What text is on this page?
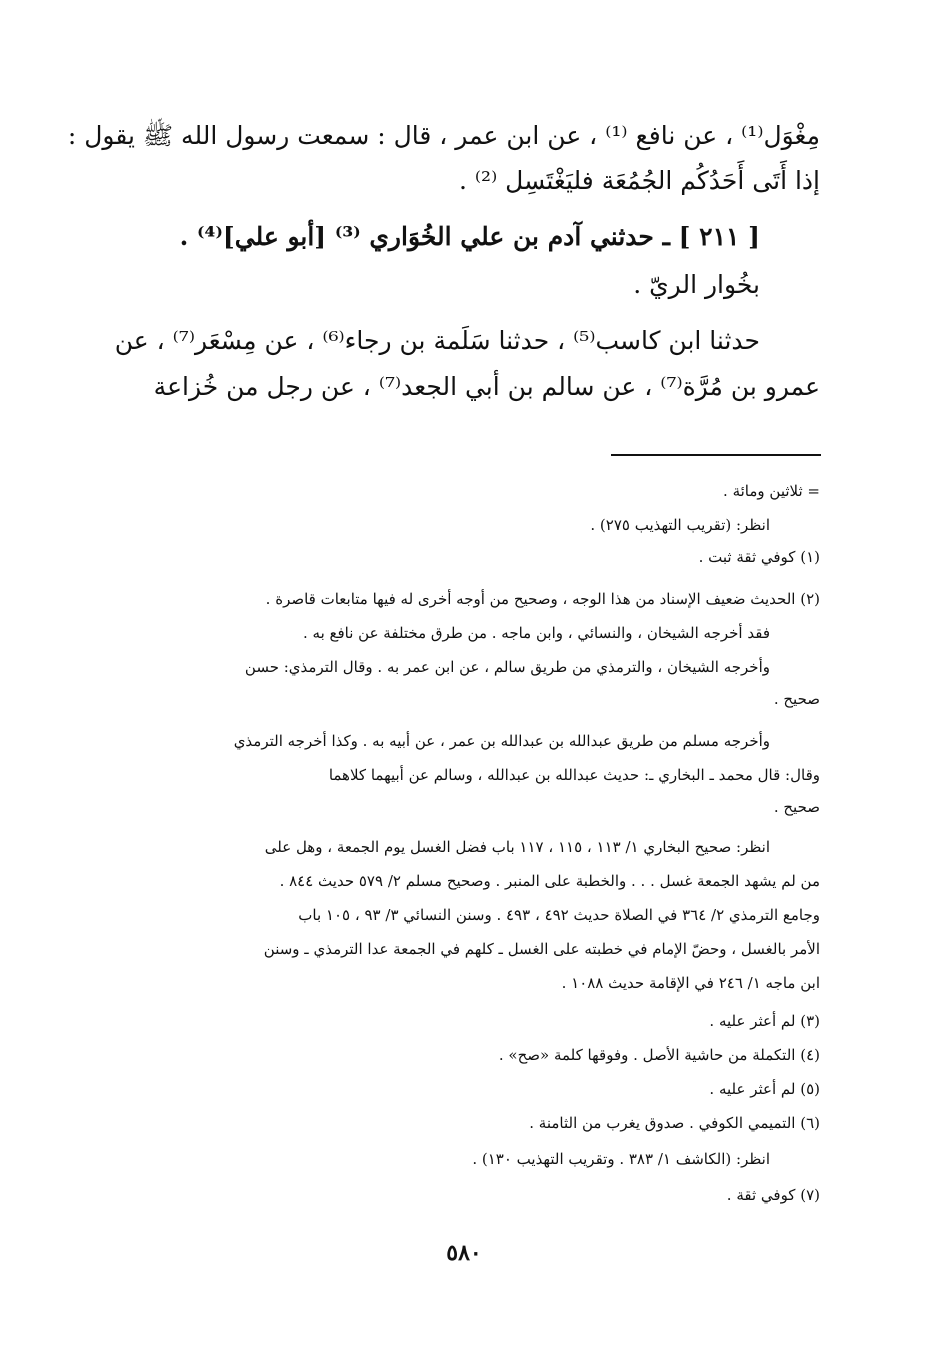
مِغْوَل⁽¹⁾ ، عن نافع ⁽¹⁾ ، عن ابن عمر ، قال : سمعت رسول الله ﷺ يقول :
إذا أَتَى أَحَدُكُم الجُمُعَة فليَغْتَسِل ⁽²⁾ .
[ ٢١١ ] ـ حدثني آدم بن علي الخُوَاري ⁽³⁾ [أبو علي]⁽⁴⁾ .
بخُوار الريّ .
حدثنا ابن كاسب⁽⁵⁾ ، حدثنا سَلَمة بن رجاء⁽⁶⁾ ، عن مِسْعَر⁽⁷⁾ ، عن
عمرو بن مُرَّة⁽⁷⁾ ، عن سالم بن أبي الجعد⁽⁷⁾ ، عن رجل من خُزاعة
= ثلاثين ومائة .
انظر: (تقريب التهذيب ٢٧٥) .
(١) كوفي ثقة ثبت .
(٢) الحديث ضعيف الإسناد من هذا الوجه ، وصحيح من أوجه أخرى له فيها متابعات قاصرة .
فقد أخرجه الشيخان ، والنسائي ، وابن ماجه . من طرق مختلفة عن نافع به .
وأخرجه الشيخان ، والترمذي من طريق سالم ، عن ابن عمر به . وقال الترمذي: حسن
صحيح .
وأخرجه مسلم من طريق عبدالله بن عبدالله بن عمر ، عن أبيه به . وكذا أخرجه الترمذي
وقال: قال محمد ـ البخاري ـ: حديث عبدالله بن عبدالله ، وسالم عن أبيهما كلاهما
صحيح .
انظر: صحيح البخاري ١/ ١١٣ ، ١١٥ ، ١١٧ باب فضل الغسل يوم الجمعة ، وهل على
من لم يشهد الجمعة غسل . . . والخطبة على المنبر . وصحيح مسلم ٢/ ٥٧٩ حديث ٨٤٤ .
وجامع الترمذي ٢/ ٣٦٤ في الصلاة حديث ٤٩٢ ، ٤٩٣ . وسنن النسائي ٣/ ٩٣ ، ١٠٥ باب
الأمر بالغسل ، وحضّ الإمام في خطبته على الغسل ـ كلهم في الجمعة عدا الترمذي ـ وسنن
ابن ماجه ١/ ٢٤٦ في الإقامة حديث ١٠٨٨ .
(٣) لم أعثر عليه .
(٤) التكملة من حاشية الأصل . وفوقها كلمة «صح» .
(٥) لم أعثر عليه .
(٦) التميمي الكوفي . صدوق يغرب من الثامنة .
انظر: (الكاشف ١/ ٣٨٣ . وتقريب التهذيب ١٣٠) .
(٧) كوفي ثقة .
٥٨٠
